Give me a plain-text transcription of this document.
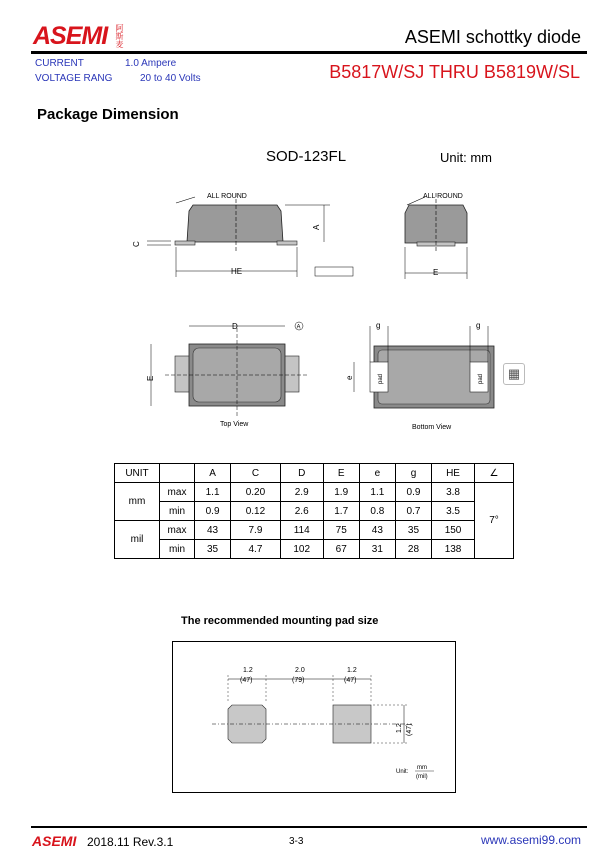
ASEMI 阿斯麦	ASEMI schottky diode
CURRENT	1.0 Ampere
VOLTAGE RANG	20 to 40 Volts	B5817W/SJ THRU B5819W/SL
Package Dimension
SOD-123FL	Unit: mm
ALL ROUND
A
C
HE
ALL ROUND
E
D	A
E
Top View
pad	pad
g	g
e
Bottom View
▦
UNIT		A	C	D	E	e	g	HE	∠
mm	max	1.1	0.20	2.9	1.9	1.1	0.9	3.8	7°
	min	0.9	0.12	2.6	1.7	0.8	0.7	3.5	
mil	max	43	7.9	114	75	43	35	150	
	min	35	4.7	102	67	31	28	138	
The recommended mounting pad size
1.2
(47)
2.0
(79)
1.2
(47)
1.2 (47)
Unit:
mm
(mil)
ASEMI 2018.11 Rev.3.1	3-3	www.asemi99.com
